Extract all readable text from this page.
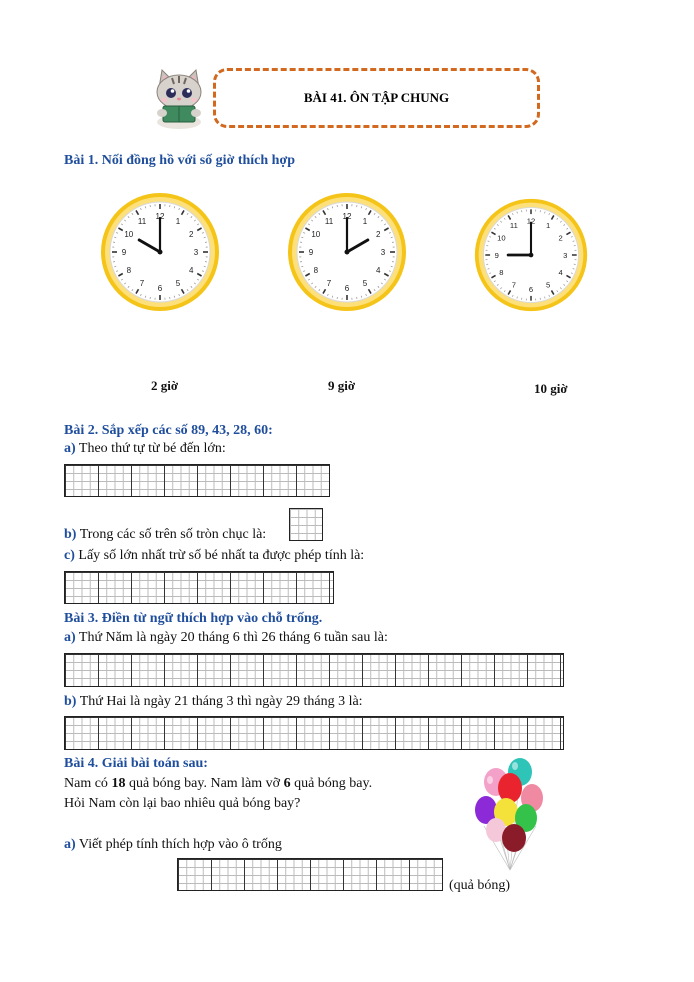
BÀI 41. ÔN TẬP CHUNG
Bài 1. Nối đồng hồ với số giờ thích hợp
12
1
2
3
4
5
6
7
8
9
10
11
12
1
2
3
4
5
6
7
8
9
10
11	12
1
2
3
4
5
6
7
8
9
10
11
2 giờ	9 giờ	10 giờ
Bài 2. Sắp xếp các số 89, 43, 28, 60:
a) Theo thứ tự từ bé đến lớn:
b) Trong các số trên số tròn chục là:
c) Lấy số lớn nhất trừ số bé nhất ta được phép tính là:
Bài 3. Điền từ ngữ thích hợp vào chỗ trống.
a) Thứ Năm là ngày 20 tháng 6 thì 26 tháng 6 tuần sau là:
b) Thứ Hai là ngày 21 tháng 3 thì ngày 29 tháng 3 là:
Bài 4. Giải bài toán sau:
Nam có 18 quả bóng bay. Nam làm vỡ 6 quả bóng bay.
Hỏi Nam còn lại bao nhiêu quả bóng bay?
a) Viết phép tính thích hợp vào ô trống
(quả bóng)
